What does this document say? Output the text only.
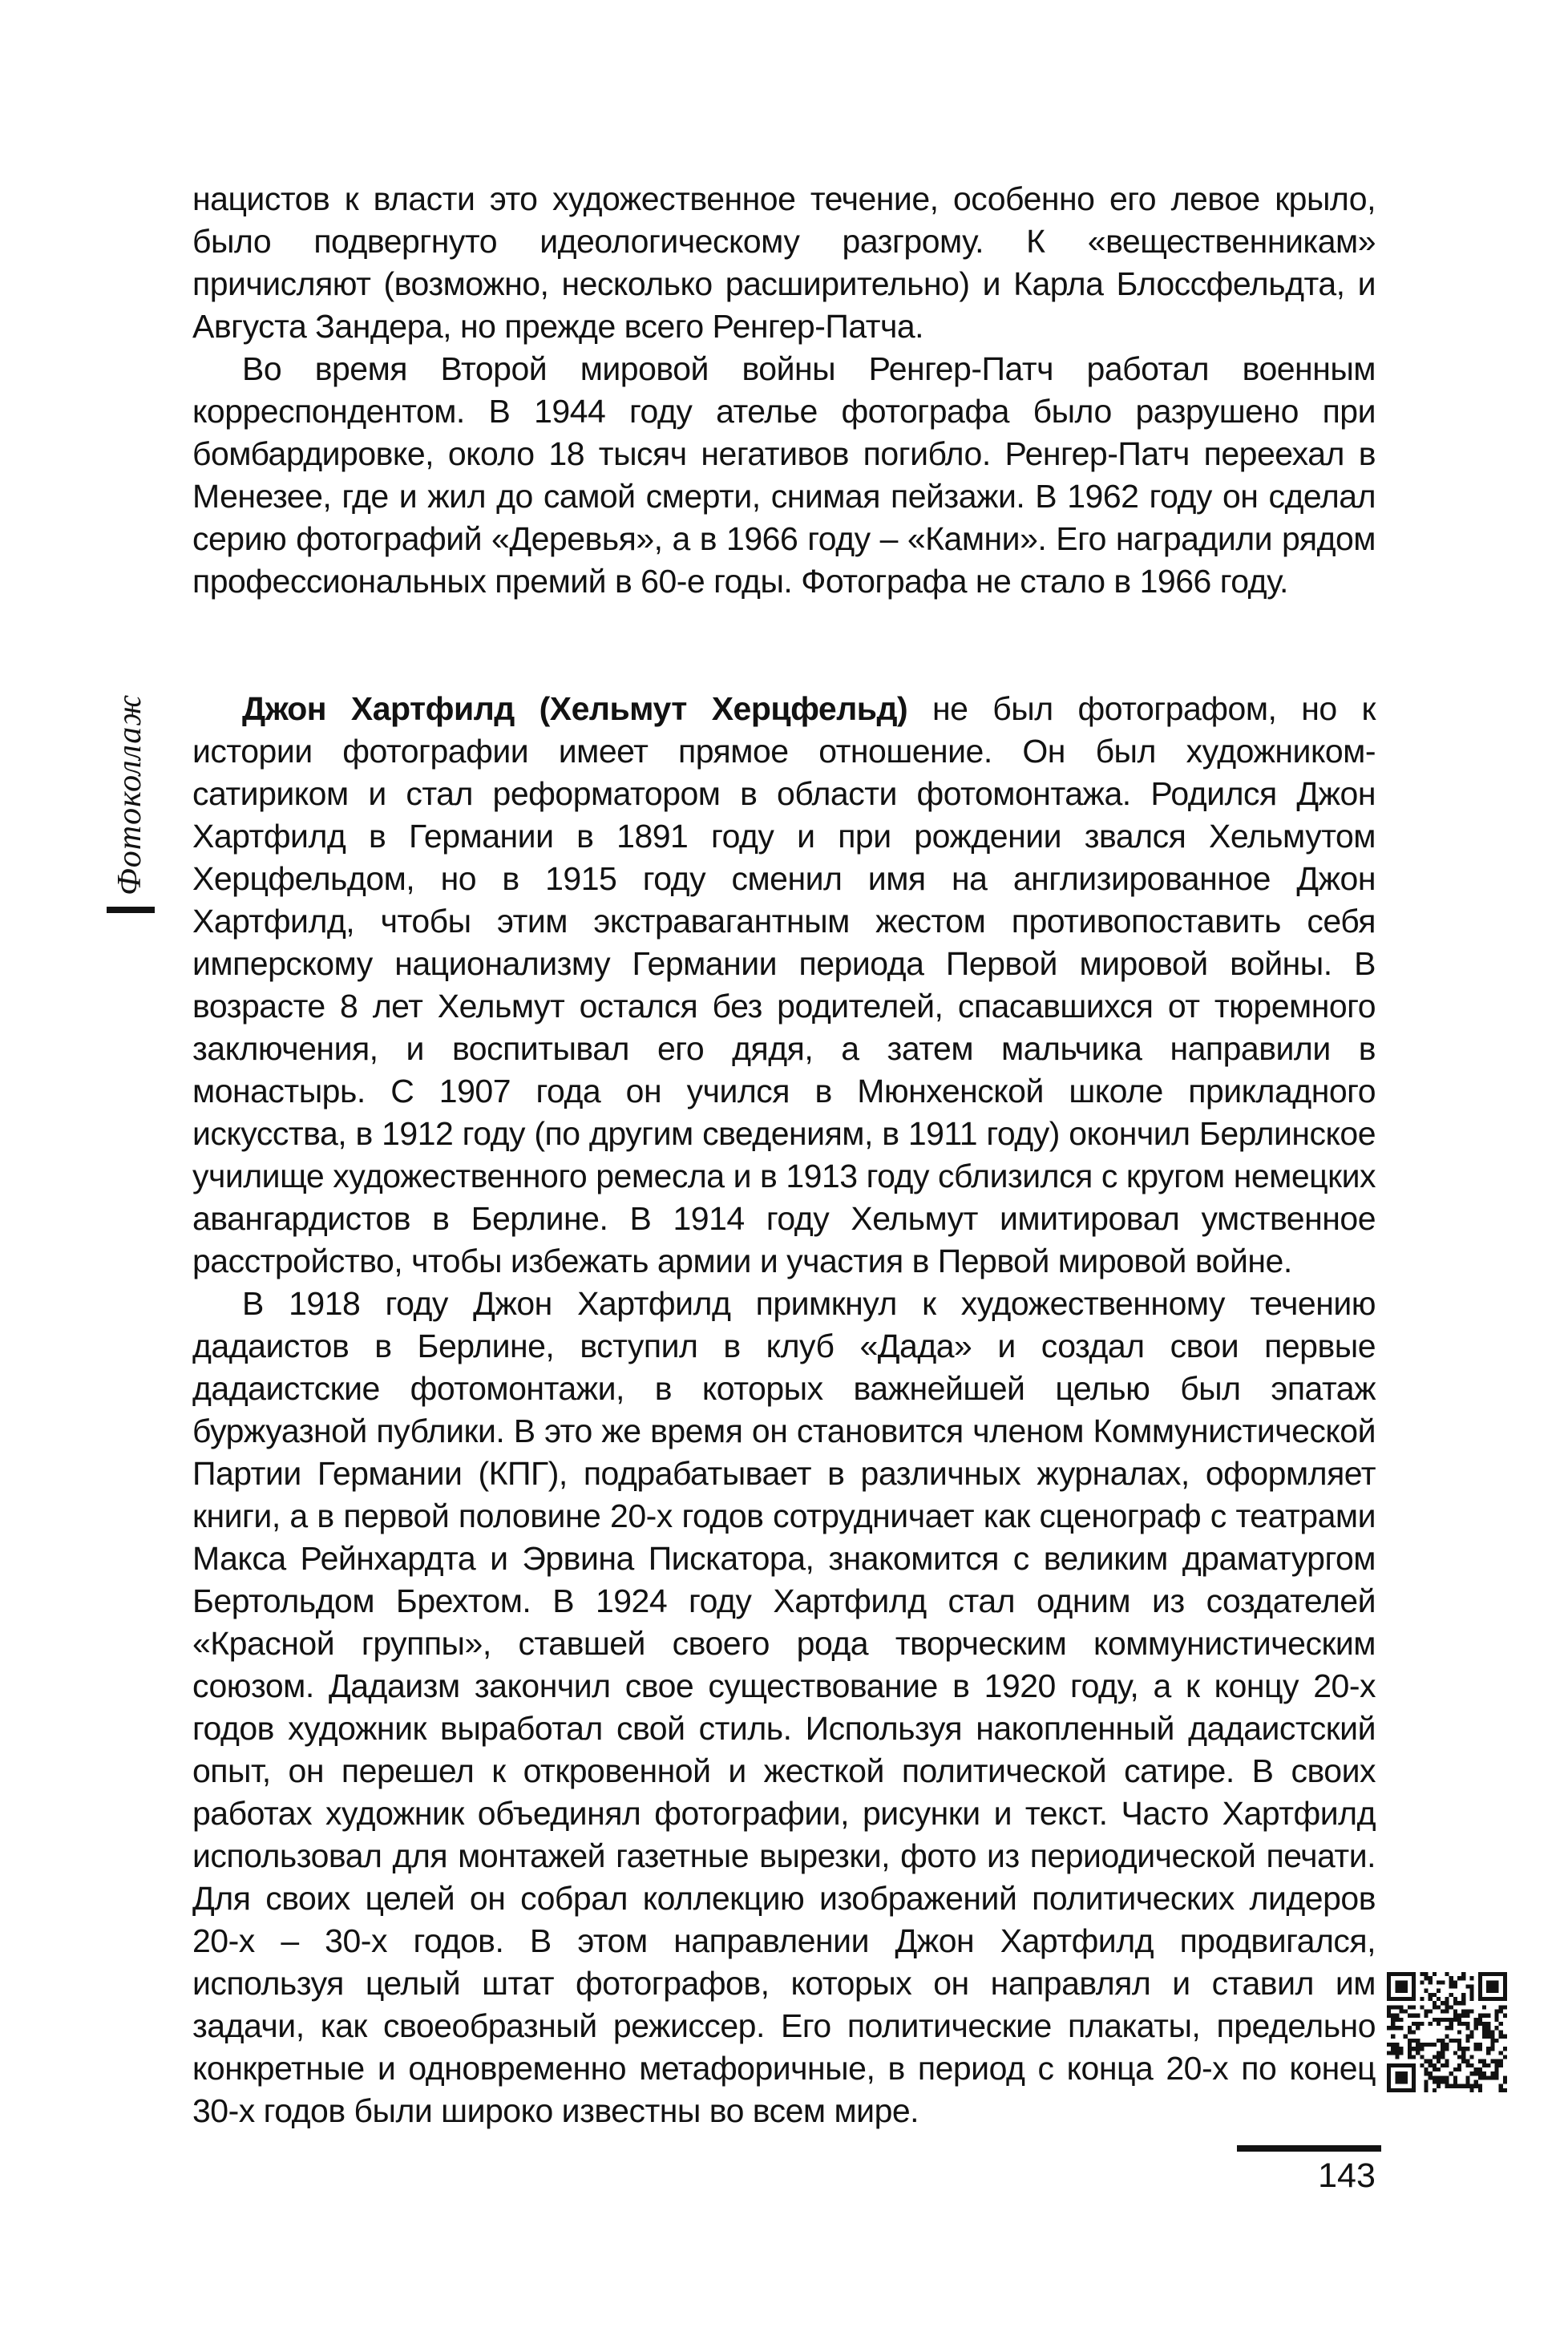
Фотоколлаж

нацистов к власти это художественное течение, особенно его левое крыло, было подвергнуто идеологическому разгрому. К «вещественникам» причисляют (возможно, несколько расширительно) и Карла Блоссфельдта, и Августа Зандера, но прежде всего Ренгер-Патча.

Во время Второй мировой войны Ренгер-Патч работал военным корреспондентом. В 1944 году ателье фотографа было разрушено при бомбардировке, около 18 тысяч негативов погибло. Ренгер-Патч переехал в Менезее, где и жил до самой смерти, снимая пейзажи. В 1962 году он сделал серию фотографий «Деревья», а в 1966 году – «Камни». Его наградили рядом профессиональных премий в 60-е годы. Фотографа не стало в 1966 году.

Джон Хартфилд (Хельмут Херцфельд) не был фотографом, но к истории фотографии имеет прямое отношение. Он был художником-сатириком и стал реформатором в области фотомонтажа. Родился Джон Хартфилд в Германии в 1891 году и при рождении звался Хельмутом Херцфельдом, но в 1915 году сменил имя на англизированное Джон Хартфилд, чтобы этим экстравагантным жестом противопоставить себя имперскому национализму Германии периода Первой мировой войны. В возрасте 8 лет Хельмут остался без родителей, спасавшихся от тюремного заключения, и воспитывал его дядя, а затем мальчика направили в монастырь. С 1907 года он учился в Мюнхенской школе прикладного искусства, в 1912 году (по другим сведениям, в 1911 году) окончил Берлинское училище художественного ремесла и в 1913 году сблизился с кругом немецких авангардистов в Берлине. В 1914 году Хельмут имитировал умственное расстройство, чтобы избежать армии и участия в Первой мировой войне.

В 1918 году Джон Хартфилд примкнул к художественному течению дадаистов в Берлине, вступил в клуб «Дада» и создал свои первые дадаистские фотомонтажи, в которых важнейшей целью был эпатаж буржуазной публики. В это же время он становится членом Коммунистической Партии Германии (КПГ), подрабатывает в различных журналах, оформляет книги, а в первой половине 20-х годов сотрудничает как сценограф с театрами Макса Рейнхардта и Эрвина Пискатора, знакомится с великим драматургом Бертольдом Брехтом. В 1924 году Хартфилд стал одним из создателей «Красной группы», ставшей своего рода творческим коммунистическим союзом. Дадаизм закончил свое существование в 1920 году, а к концу 20-х годов художник выработал свой стиль. Используя накопленный дадаистский опыт, он перешел к откровенной и жесткой политической сатире. В своих работах художник объединял фотографии, рисунки и текст. Часто Хартфилд использовал для монтажей газетные вырезки, фото из периодической печати. Для своих целей он собрал коллекцию изображений политических лидеров 20-х – 30-х годов. В этом направлении Джон Хартфилд продвигался, используя целый штат фотографов, которых он направлял и ставил им задачи, как своеобразный режиссер. Его политические плакаты, предельно конкретные и одновременно метафоричные, в период с конца 20-х по конец 30-х годов были широко известны во всем мире.

143
